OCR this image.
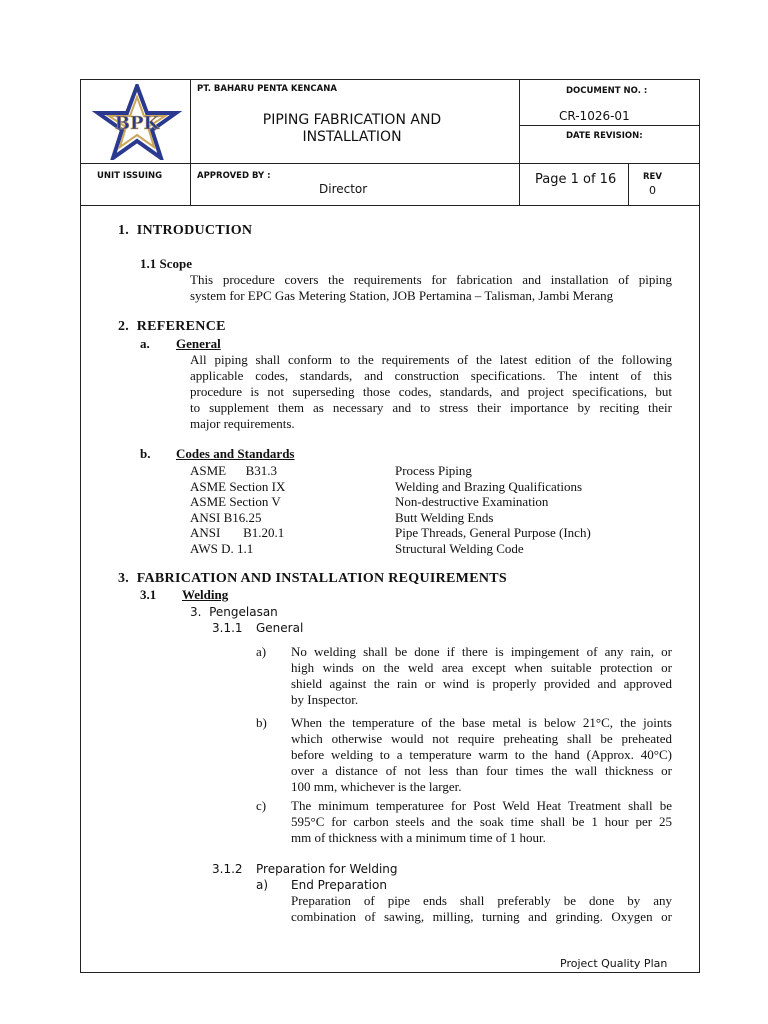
BPK
PT. BAHARU PENTA KENCANA
PIPING FABRICATION AND
INSTALLATION
DOCUMENT NO. :
CR-1026-01
DATE REVISION:
UNIT ISSUING	APPROVED BY :
Director
Page 1 of 16	REV
0
1.  INTRODUCTION
1.1 Scope
This procedure covers the requirements for fabrication and installation of piping
system for EPC Gas Metering Station, JOB Pertamina – Talisman, Jambi Merang
2.  REFERENCE
a. General
All piping shall conform to the requirements of the latest edition of the following
applicable codes, standards, and construction specifications. The intent of this
procedure is not superseding those codes, standards, and project specifications, but
to supplement them as necessary and to stress their importance by reciting their
major requirements.
b. Codes and Standards
ASME      B31.3	Process Piping
ASME Section IX	Welding and Brazing Qualifications
ASME Section V	Non-destructive Examination
ANSI B16.25	Butt Welding Ends
ANSI       B1.20.1	Pipe Threads, General Purpose (Inch)
AWS D. 1.1	Structural Welding Code
3.  FABRICATION AND INSTALLATION REQUIREMENTS
3.1 Welding
3.  Pengelasan
3.1.1 General
a) No welding shall be done if there is impingement of any rain, or
high winds on the weld area except when suitable protection or
shield against the rain or wind is properly provided and approved
by Inspector.
b) When the temperature of the base metal is below 21°C, the joints
which otherwise would not require preheating shall be preheated
before welding to a temperature warm to the hand (Approx. 40°C)
over a distance of not less than four times the wall thickness or
100 mm, whichever is the larger.
c) The minimum temperaturee for Post Weld Heat Treatment shall be
595°C for carbon steels and the soak time shall be 1 hour per 25
mm of thickness with a minimum time of 1 hour.
3.1.2 Preparation for Welding
a) End Preparation
Preparation of pipe ends shall preferably be done by any
combination of sawing, milling, turning and grinding. Oxygen or
Project Quality Plan
